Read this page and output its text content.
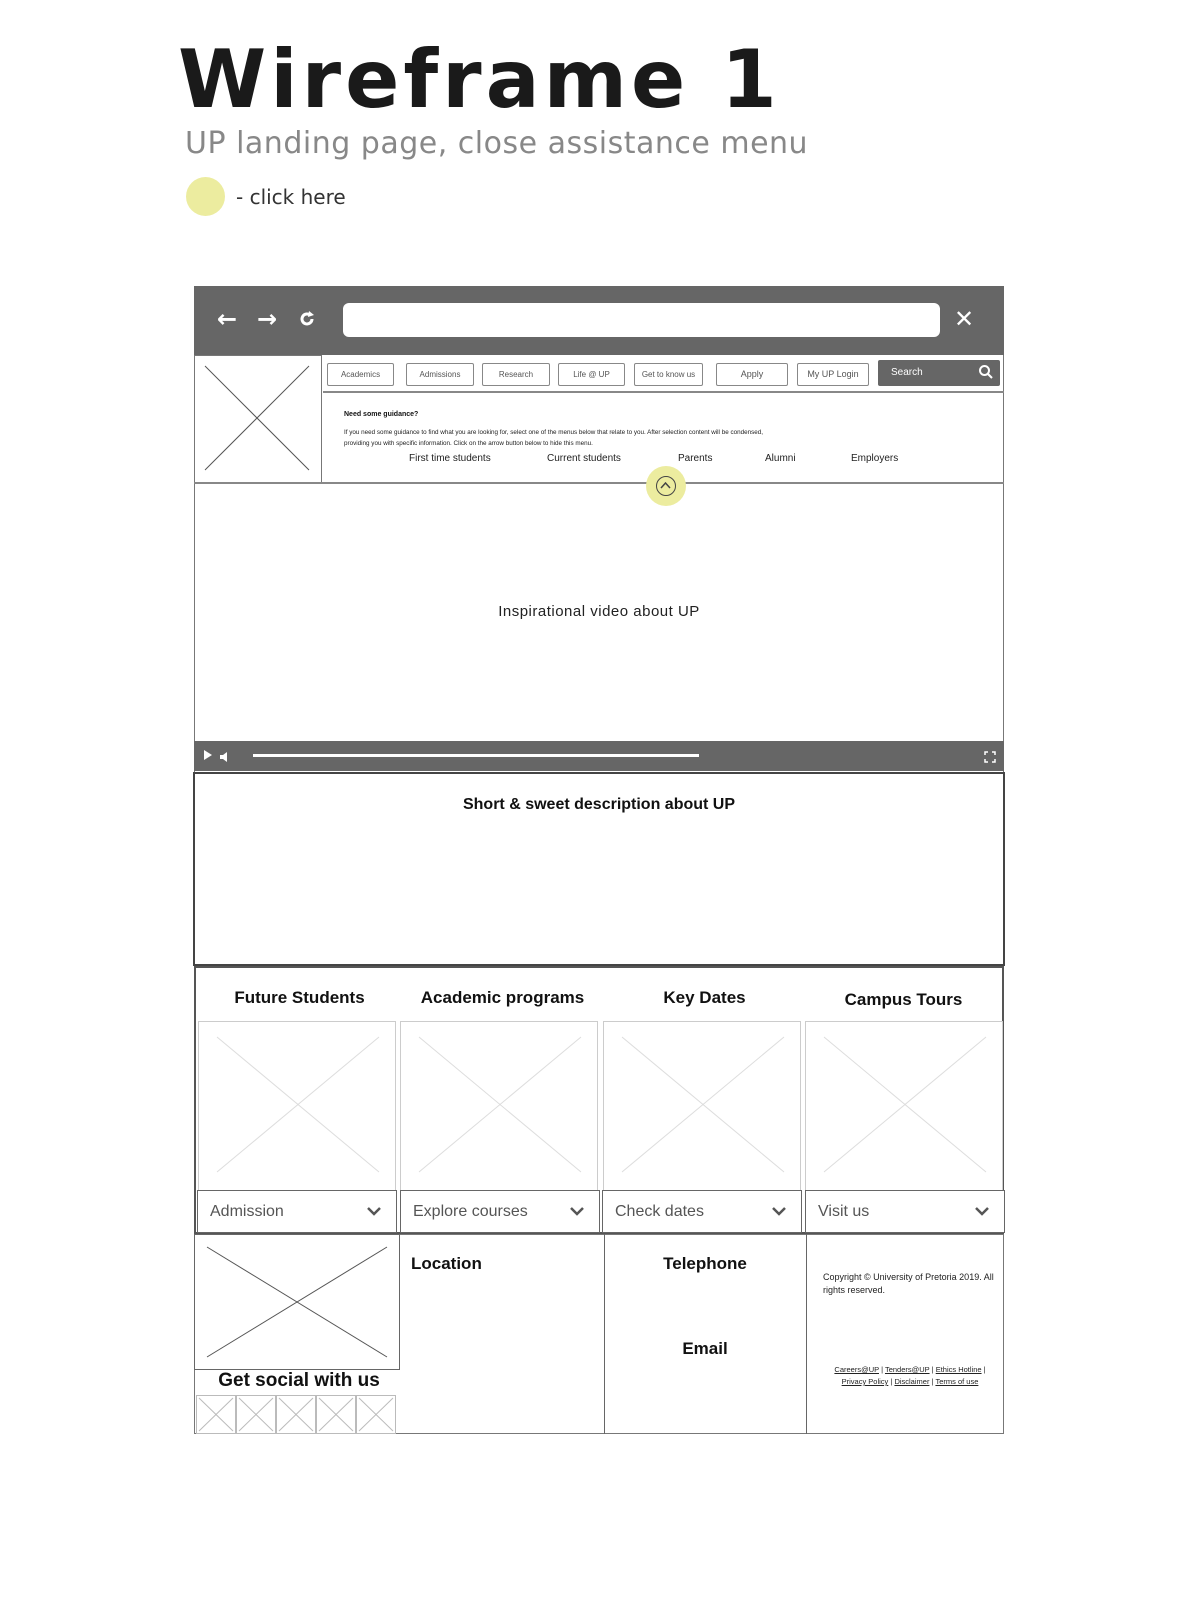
Wireframe 1
UP landing page, close assistance menu
- click here
← →	✕
Academics	Admissions	Research	Life @ UP	Get to know us	Apply	My UP Login	Search
Need some guidance?
If you need some guidance to find what you are looking for, select one of the menus below that relate to you. After selection content will be condensed, providing you with specific information. Click on the arrow button below to hide this menu.
First time students	Current students	Parents	Alumni	Employers
Inspirational video about UP
Short & sweet description about UP
Future Students	Academic programs	Key Dates	Campus Tours
Admission	Explore courses	Check dates	Visit us
Get social with us
Location	Telephone
Email
Copyright © University of Pretoria 2019. All rights reserved.
Careers@UP | Tenders@UP | Ethics Hotline |
Privacy Policy | Disclaimer | Terms of use
